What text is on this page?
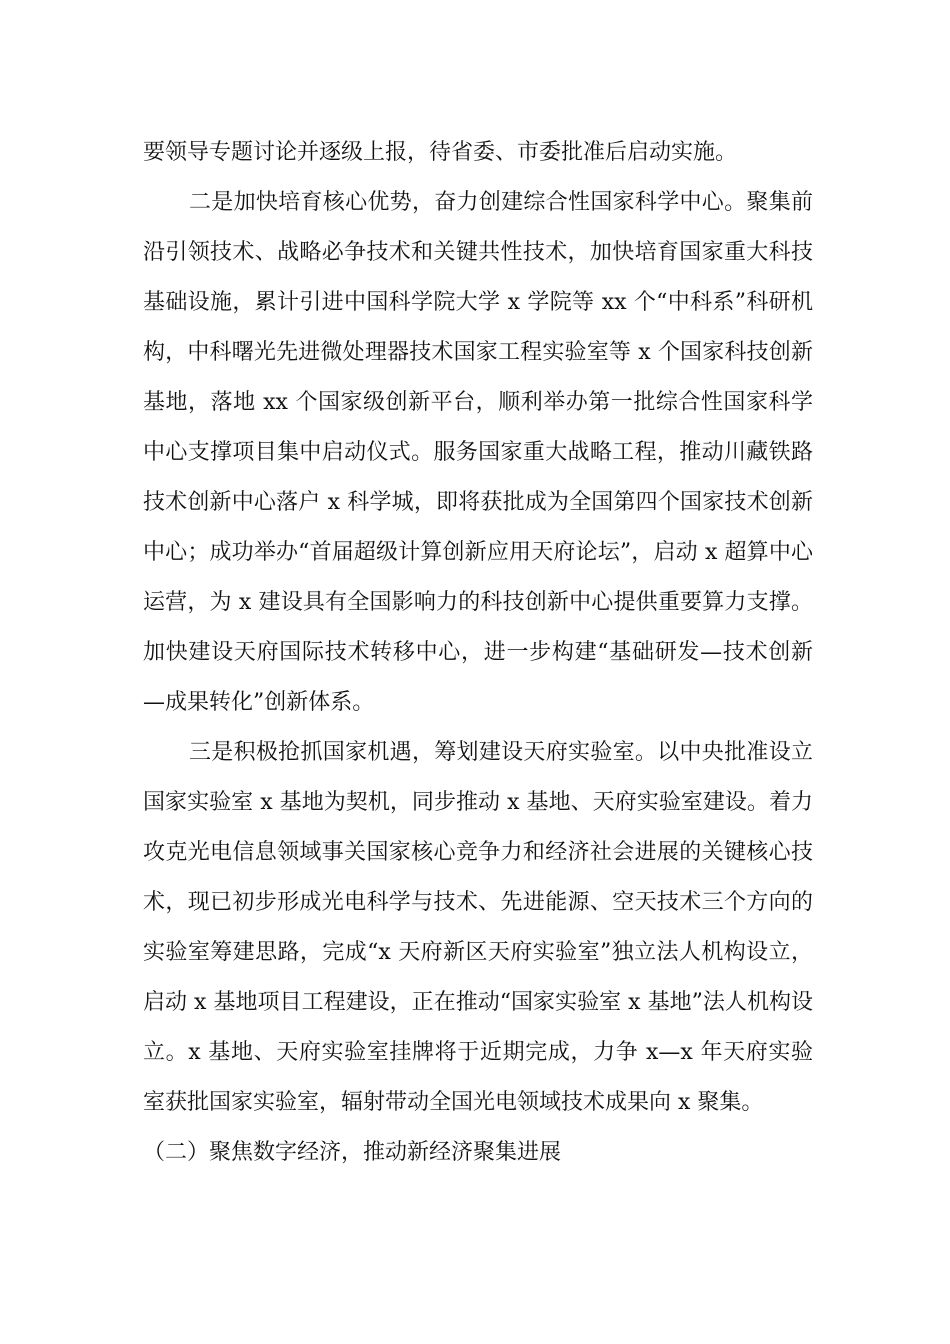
要领导专题讨论并逐级上报，待省委、市委批准后启动实施。

二是加快培育核心优势，奋力创建综合性国家科学中心。聚集前沿引领技术、战略必争技术和关键共性技术，加快培育国家重大科技基础设施，累计引进中国科学院大学 x 学院等 xx 个“中科系”科研机构，中科曙光先进微处理器技术国家工程实验室等 x 个国家科技创新基地，落地 xx 个国家级创新平台，顺利举办第一批综合性国家科学中心支撑项目集中启动仪式。服务国家重大战略工程，推动川藏铁路技术创新中心落户 x 科学城，即将获批成为全国第四个国家技术创新中心；成功举办“首届超级计算创新应用天府论坛”，启动 x 超算中心运营，为 x 建设具有全国影响力的科技创新中心提供重要算力支撑。加快建设天府国际技术转移中心，进一步构建“基础研发—技术创新—成果转化”创新体系。

三是积极抢抓国家机遇，筹划建设天府实验室。以中央批准设立国家实验室 x 基地为契机，同步推动 x 基地、天府实验室建设。着力攻克光电信息领域事关国家核心竞争力和经济社会进展的关键核心技术，现已初步形成光电科学与技术、先进能源、空天技术三个方向的实验室筹建思路，完成“x 天府新区天府实验室”独立法人机构设立，启动 x 基地项目工程建设，正在推动“国家实验室 x 基地”法人机构设立。x 基地、天府实验室挂牌将于近期完成，力争 x—x 年天府实验室获批国家实验室，辐射带动全国光电领域技术成果向 x 聚集。

（二）聚焦数字经济，推动新经济聚集进展
